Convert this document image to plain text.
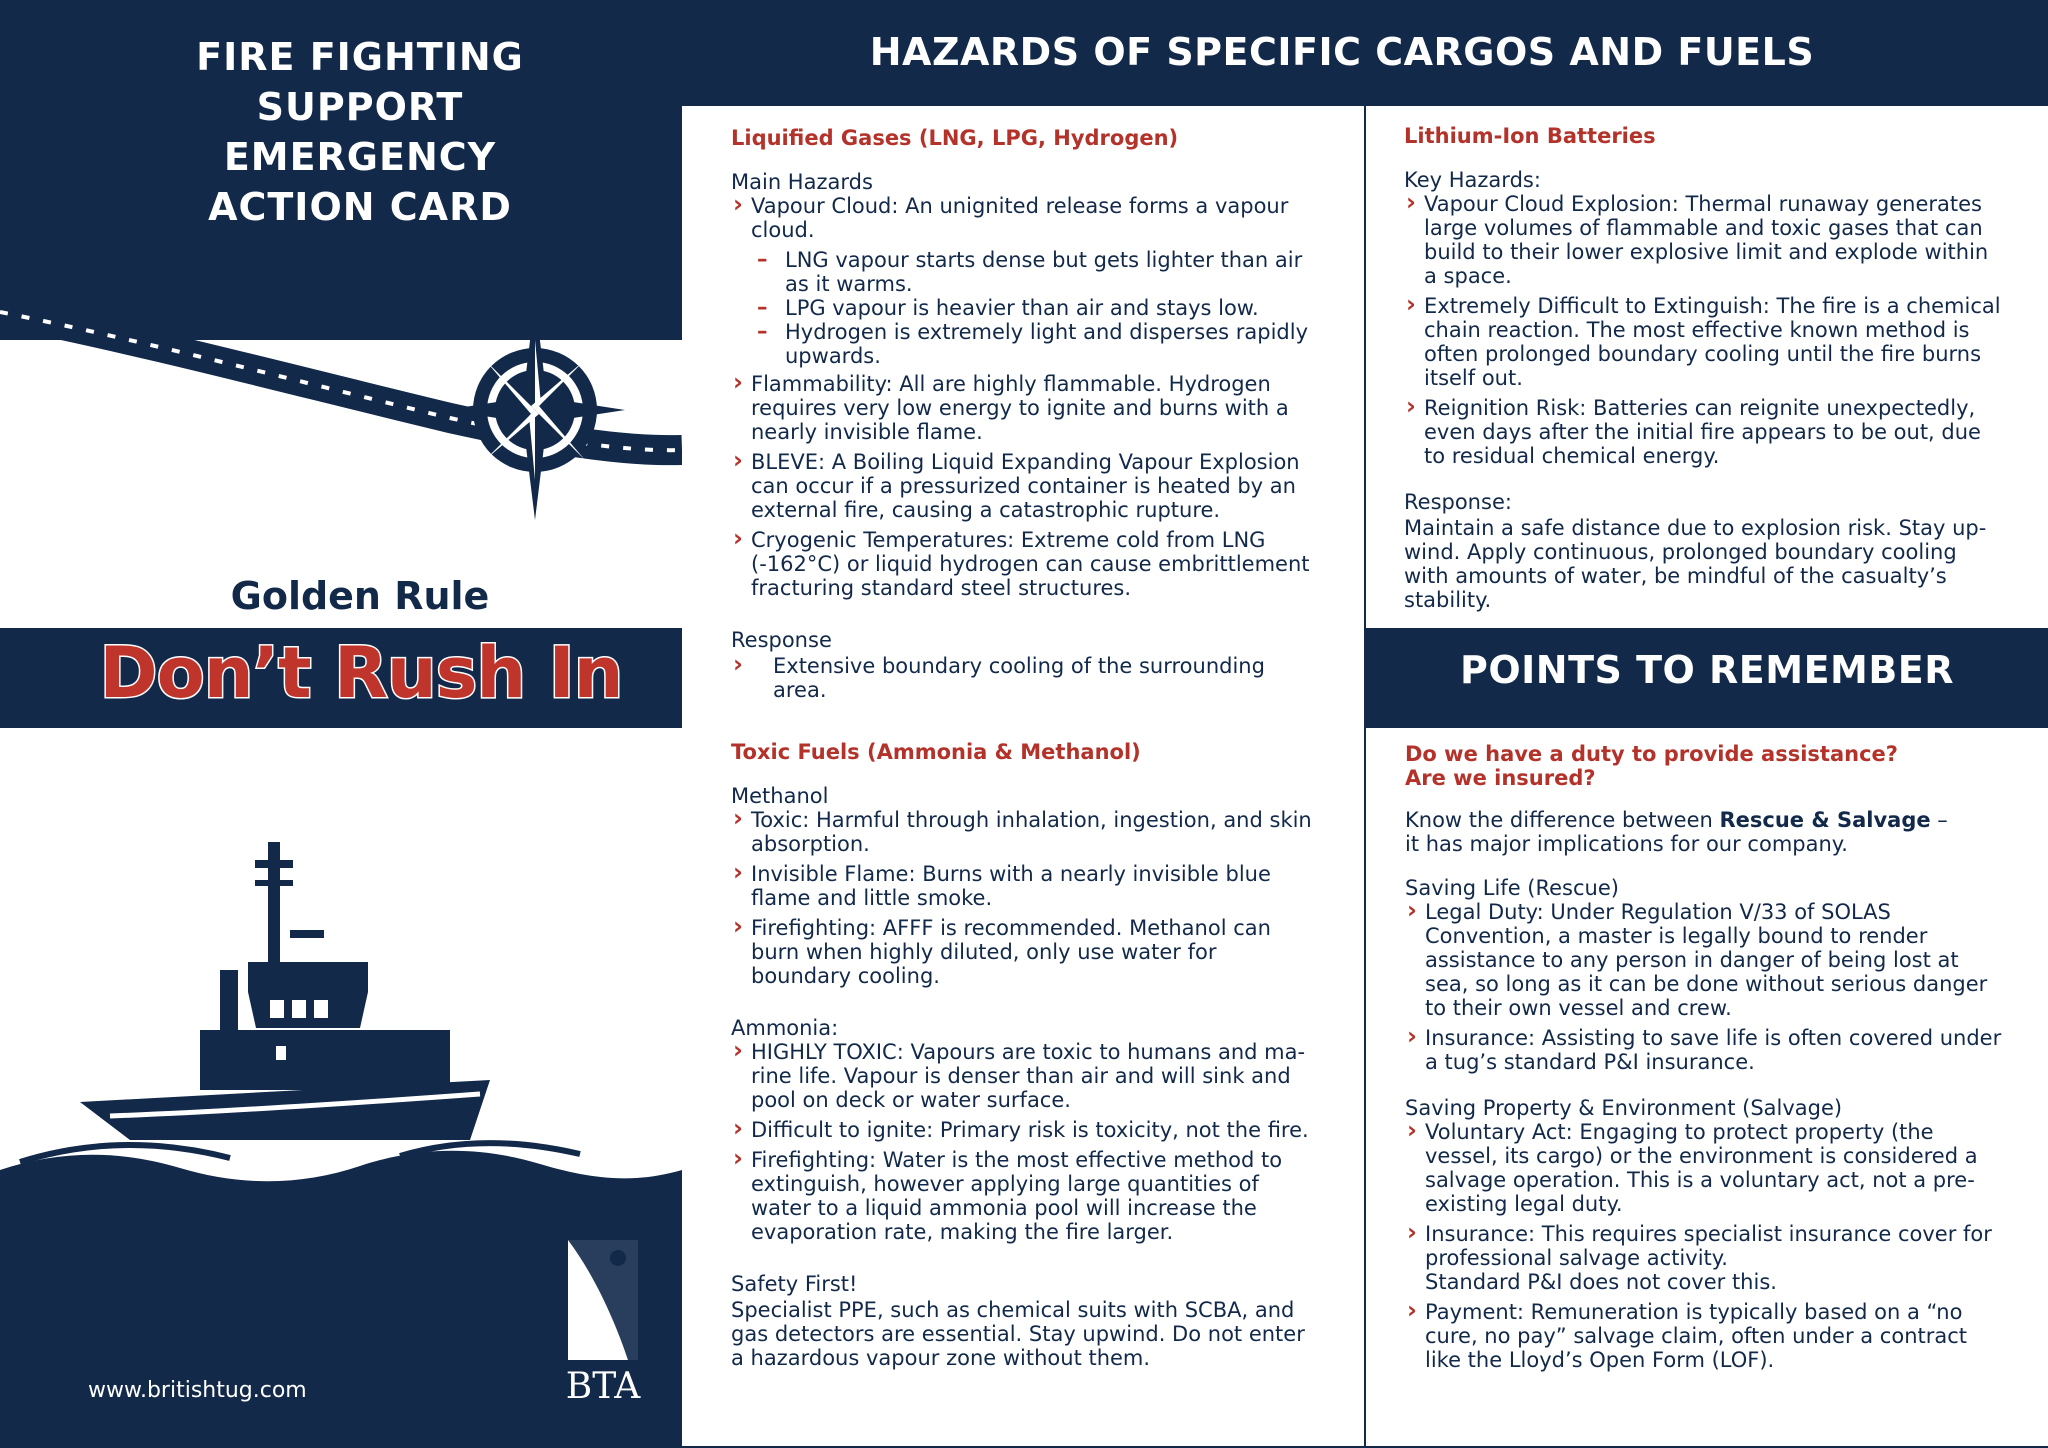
FIRE FIGHTING
SUPPORT
EMERGENCY
ACTION CARD
Golden Rule
Don’t Rush In
www.britishtug.com	BTA
HAZARDS OF SPECIFIC CARGOS AND FUELS
Liquified Gases (LNG, LPG, Hydrogen)
Main Hazards

› Vapour Cloud: An unignited release forms a vapour cloud.

– LNG vapour starts dense but gets lighter than air as it warms.

– LPG vapour is heavier than air and stays low.

– Hydrogen is extremely light and disperses rapidly upwards.

› Flammability: All are highly flammable. Hydrogen requires very low energy to ignite and burns with a nearly invisible flame.

› BLEVE: A Boiling Liquid Expanding Vapour Explosion can occur if a pressurized container is heated by an external fire, causing a catastrophic rupture.

› Cryogenic Temperatures: Extreme cold from LNG (-162°C) or liquid hydrogen can cause embrittlement fracturing standard steel structures.

Response

› Extensive boundary cooling of the surrounding area.

Toxic Fuels (Ammonia & Methanol)
Methanol

› Toxic: Harmful through inhalation, ingestion, and skin absorption.

› Invisible Flame: Burns with a nearly invisible blue flame and little smoke.

› Firefighting: AFFF is recommended. Methanol can burn when highly diluted, only use water for boundary cooling.

Ammonia:

› HIGHLY TOXIC: Vapours are toxic to humans and ma-rine life. Vapour is denser than air and will sink and pool on deck or water surface.

› Difficult to ignite: Primary risk is toxicity, not the fire.

› Firefighting: Water is the most effective method to extinguish, however applying large quantities of water to a liquid ammonia pool will increase the evaporation rate, making the fire larger.

Safety First!

Specialist PPE, such as chemical suits with SCBA, and gas detectors are essential. Stay upwind. Do not enter a hazardous vapour zone without them.

Lithium-Ion Batteries
Key Hazards:

› Vapour Cloud Explosion: Thermal runaway generates large volumes of flammable and toxic gases that can build to their lower explosive limit and explode within a space.

› Extremely Difficult to Extinguish: The fire is a chemical chain reaction. The most effective known method is often prolonged boundary cooling until the fire burns itself out.

› Reignition Risk: Batteries can reignite unexpectedly, even days after the initial fire appears to be out, due to residual chemical energy.

Response:

Maintain a safe distance due to explosion risk. Stay up-wind. Apply continuous, prolonged boundary cooling with amounts of water, be mindful of the casualty’s stability.

POINTS TO REMEMBER
Do we have a duty to provide assistance?
Are we insured?
Know the difference between Rescue & Salvage –
it has major implications for our company.
Saving Life (Rescue)

› Legal Duty: Under Regulation V/33 of SOLAS Convention, a master is legally bound to render assistance to any person in danger of being lost at sea, so long as it can be done without serious danger to their own vessel and crew.

› Insurance: Assisting to save life is often covered under a tug’s standard P&I insurance.

Saving Property & Environment (Salvage)

› Voluntary Act: Engaging to protect property (the vessel, its cargo) or the environment is considered a salvage operation. This is a voluntary act, not a pre-existing legal duty.

› Insurance: This requires specialist insurance cover for professional salvage activity.
Standard P&I does not cover this.

› Payment: Remuneration is typically based on a “no cure, no pay” salvage claim, often under a contract like the Lloyd’s Open Form (LOF).
